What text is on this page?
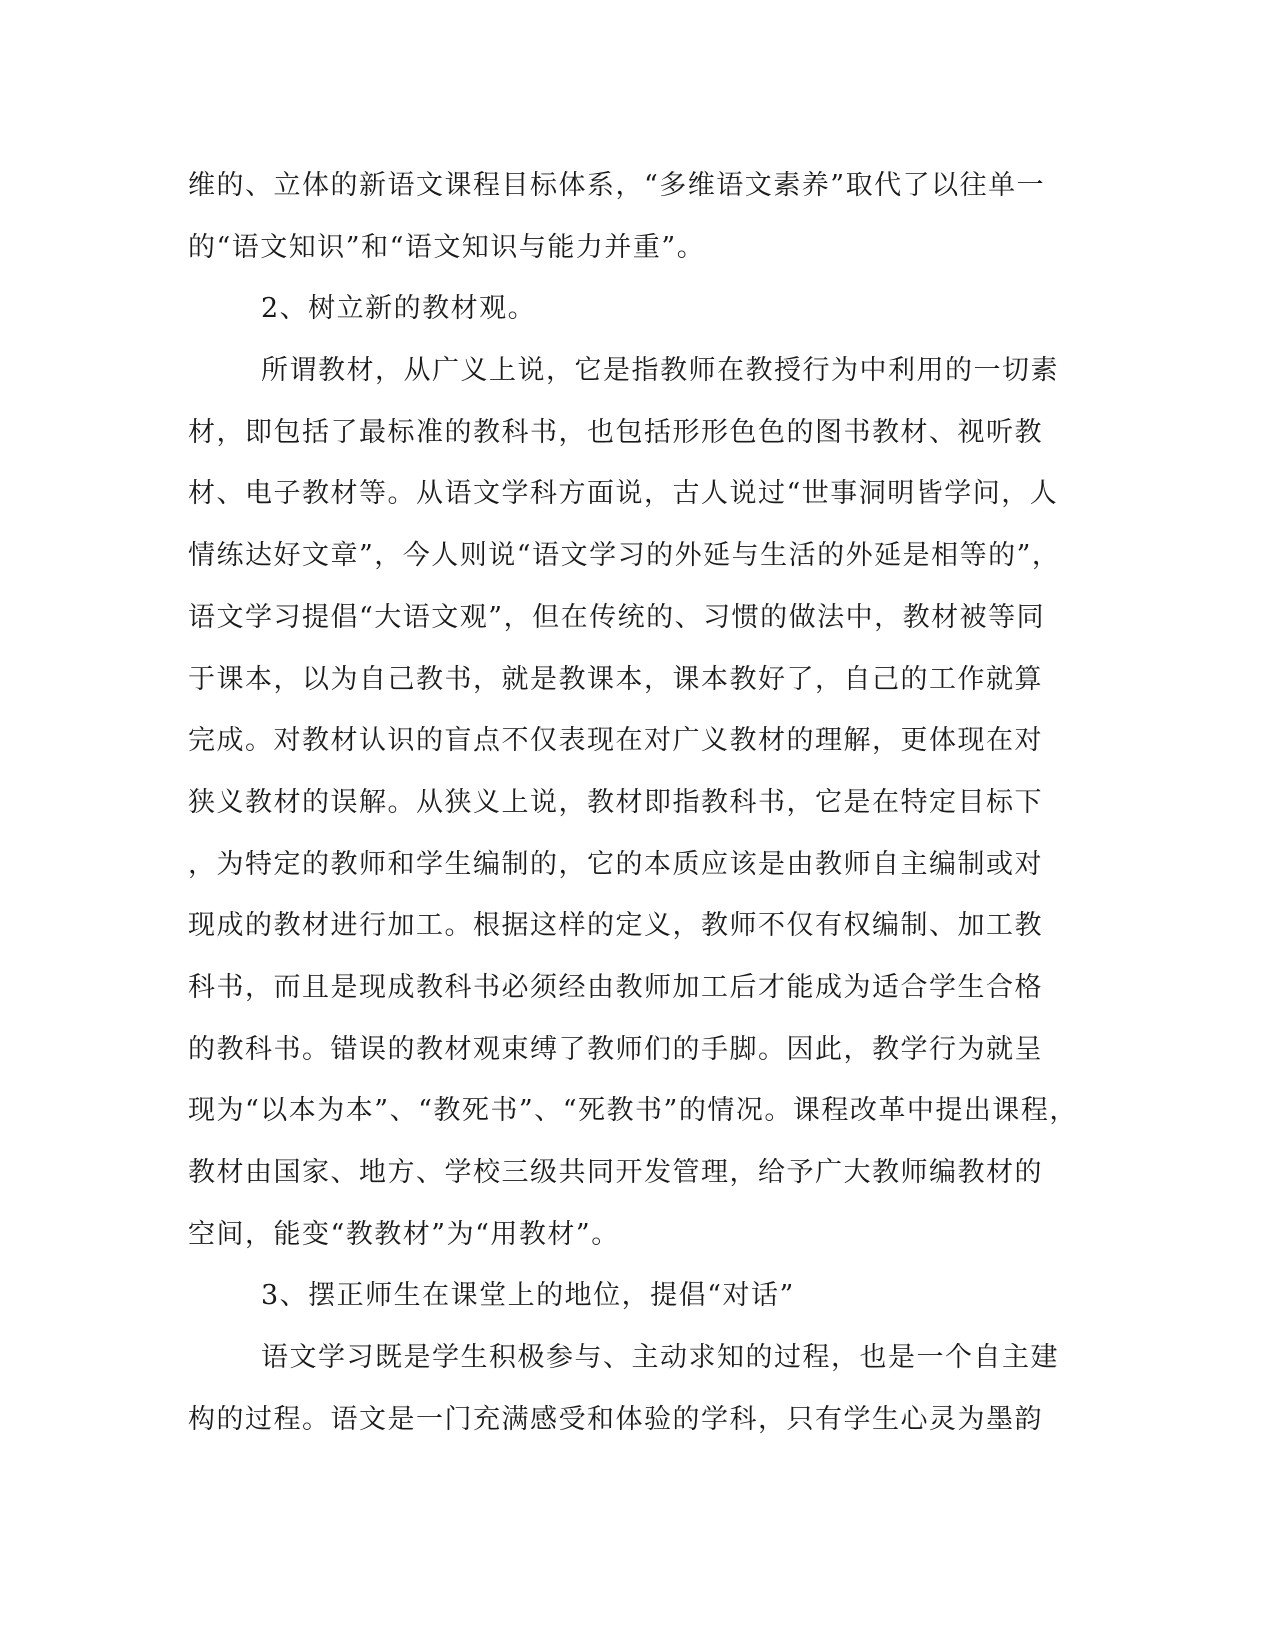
维的、立体的新语文课程目标体系，“多维语文素养”取代了以往单一
的“语文知识”和“语文知识与能力并重”。
2、树立新的教材观。
所谓教材，从广义上说，它是指教师在教授行为中利用的一切素
材，即包括了最标准的教科书，也包括形形色色的图书教材、视听教
材、电子教材等。从语文学科方面说，古人说过“世事洞明皆学问，人
情练达好文章”，今人则说“语文学习的外延与生活的外延是相等的”，
语文学习提倡“大语文观”，但在传统的、习惯的做法中，教材被等同
于课本，以为自己教书，就是教课本，课本教好了，自己的工作就算
完成。对教材认识的盲点不仅表现在对广义教材的理解，更体现在对
狭义教材的误解。从狭义上说，教材即指教科书，它是在特定目标下
，为特定的教师和学生编制的，它的本质应该是由教师自主编制或对
现成的教材进行加工。根据这样的定义，教师不仅有权编制、加工教
科书，而且是现成教科书必须经由教师加工后才能成为适合学生合格
的教科书。错误的教材观束缚了教师们的手脚。因此，教学行为就呈
现为“以本为本”、“教死书”、“死教书”的情况。课程改革中提出课程，
教材由国家、地方、学校三级共同开发管理，给予广大教师编教材的
空间，能变“教教材”为“用教材”。
3、摆正师生在课堂上的地位，提倡“对话”
语文学习既是学生积极参与、主动求知的过程，也是一个自主建
构的过程。语文是一门充满感受和体验的学科，只有学生心灵为墨韵
